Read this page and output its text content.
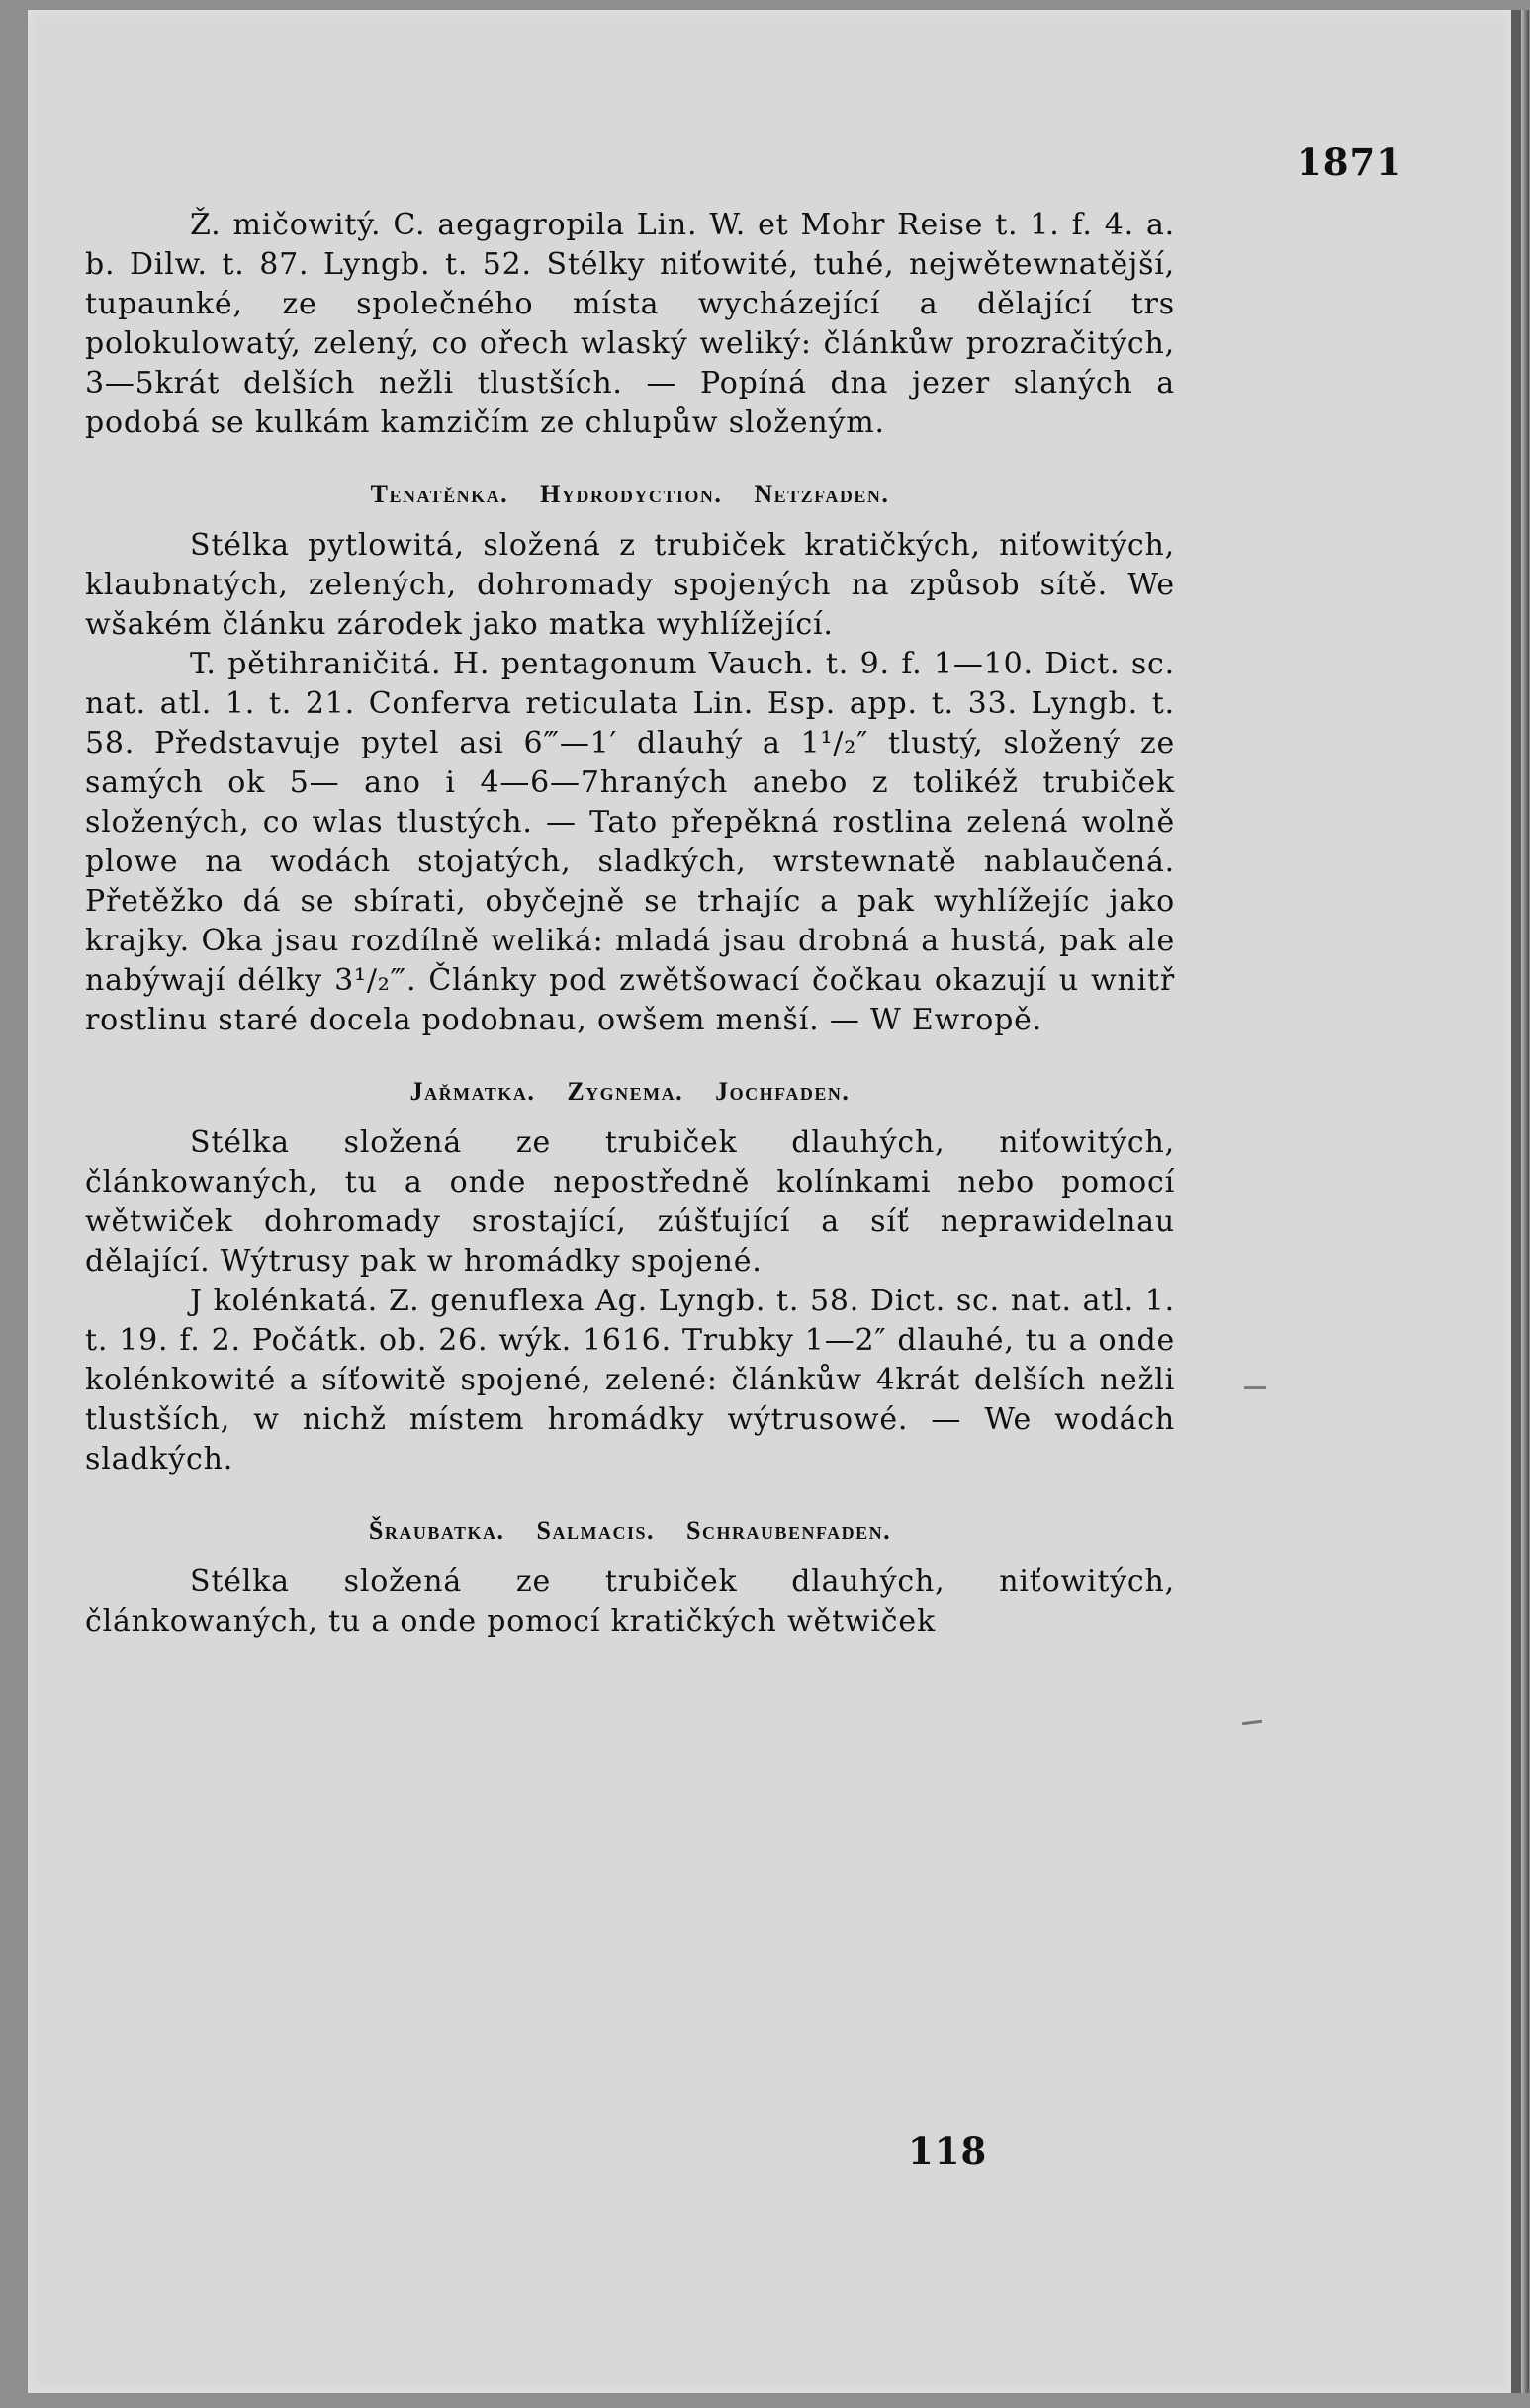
1871

Ž. mičowitý. C. aegagropila Lin. W. et Mohr Reise t. 1. f. 4. a. b. Dilw. t. 87. Lyngb. t. 52. Stélky niťowité, tuhé, nejwětewnatější, tupaunké, ze společného místa wycházející a dělající trs polokulowatý, zelený, co ořech wlaský weliký: článkůw prozračitých, 3—5krát delších nežli tlustších. — Popíná dna jezer slaných a podobá se kulkám kamzičím ze chlupůw složeným.

Tenatěnka. Hydrodyction. Netzfaden.

Stélka pytlowitá, složená z trubiček kratičkých, niťowitých, klaubnatých, zelených, dohromady spojených na způsob sítě. We wšakém článku zárodek jako matka wyhlížející.

T. pětihraničitá. H. pentagonum Vauch. t. 9. f. 1—10. Dict. sc. nat. atl. 1. t. 21. Conferva reticulata Lin. Esp. app. t. 33. Lyngb. t. 58. Představuje pytel asi 6‴—1′ dlauhý a 1¹/₂″ tlustý, složený ze samých ok 5— ano i 4—6—7hraných anebo z tolikéž trubiček složených, co wlas tlustých. — Tato přepěkná rostlina zelená wolně plowe na wodách stojatých, sladkých, wrstewnatě nablaučená. Přetěžko dá se sbírati, obyčejně se trhajíc a pak wyhlížejíc jako krajky. Oka jsau rozdílně weliká: mladá jsau drobná a hustá, pak ale nabýwají délky 3¹/₂‴. Články pod zwětšowací čočkau okazují u wnitř rostlinu staré docela podobnau, owšem menší. — W Ewropě.

Jařmatka. Zygnema. Jochfaden.

Stélka složená ze trubiček dlauhých, niťowitých, článkowaných, tu a onde nepostředně kolínkami nebo pomocí wětwiček dohromady srostající, zúšťující a síť neprawidelnau dělající. Wýtrusy pak w hromádky spojené.

J kolénkatá. Z. genuflexa Ag. Lyngb. t. 58. Dict. sc. nat. atl. 1. t. 19. f. 2. Počátk. ob. 26. wýk. 1616. Trubky 1—2″ dlauhé, tu a onde kolénkowité a síťowitě spojené, zelené: článkůw 4krát delších nežli tlustších, w nichž místem hromádky wýtrusowé. — We wodách sladkých.

Šraubatka. Salmacis. Schraubenfaden.

Stélka složená ze trubiček dlauhých, niťowitých, článkowaných, tu a onde pomocí kratičkých wětwiček

118
